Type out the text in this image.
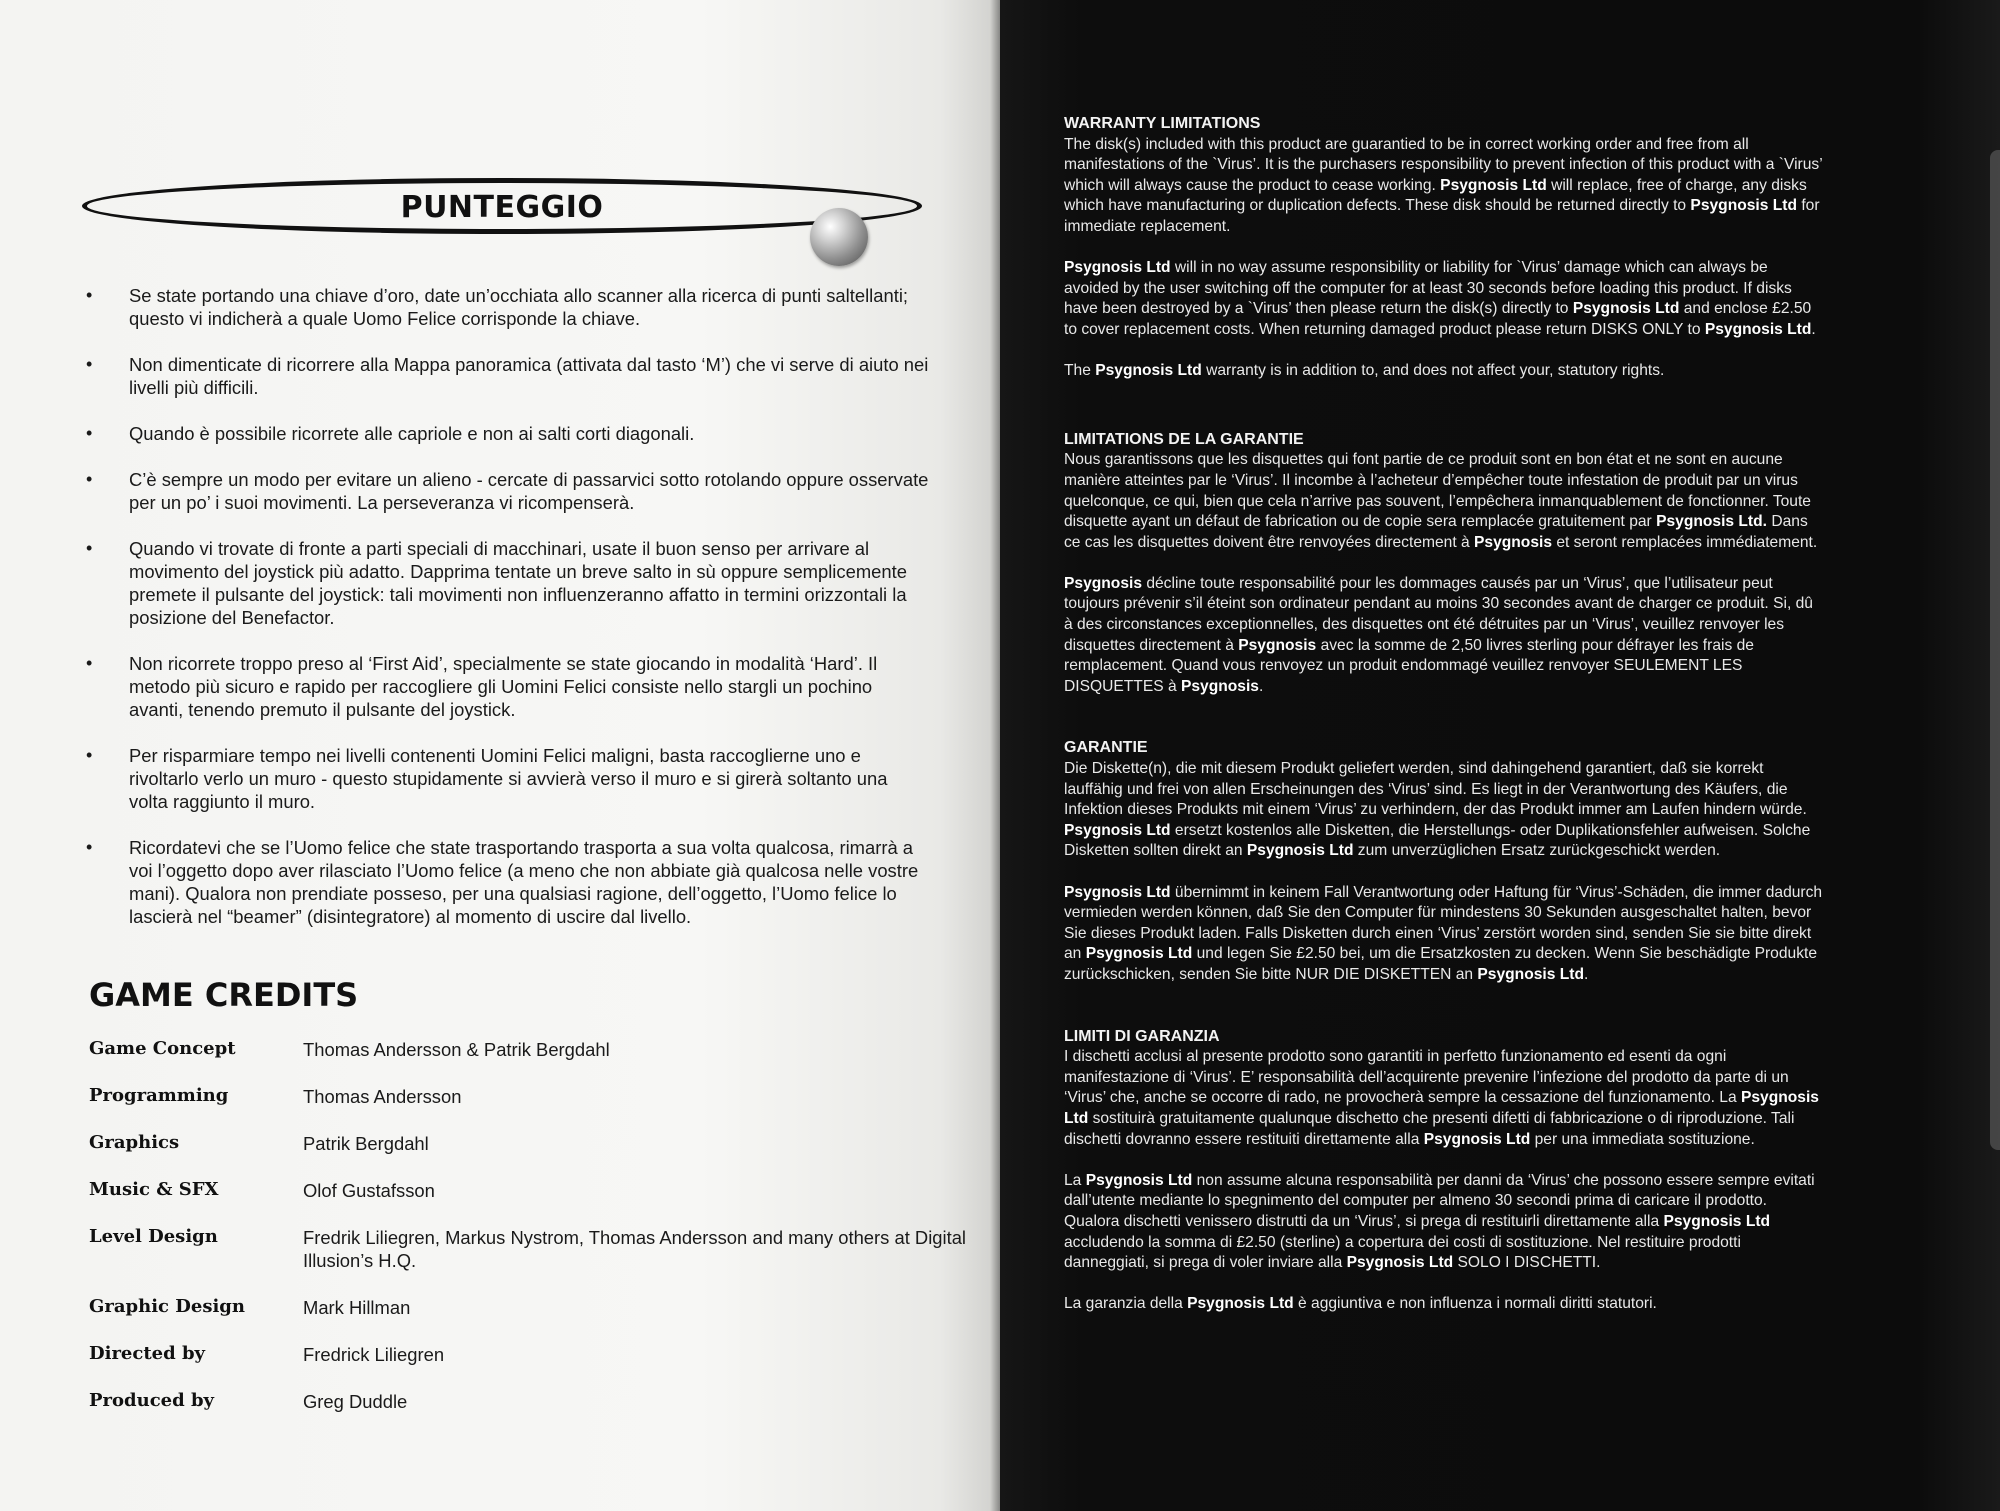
PUNTEGGIO
• Se state portando una chiave d’oro, date un’occhiata allo scanner alla ricerca di punti saltellanti; questo vi indicherà a quale Uomo Felice corrisponde la chiave.
• Non dimenticate di ricorrere alla Mappa panoramica (attivata dal tasto ‘M’) che vi serve di aiuto nei livelli più difficili.
• Quando è possibile ricorrete alle capriole e non ai salti corti diagonali.
• C’è sempre un modo per evitare un alieno - cercate di passarvici sotto rotolando oppure osservate per un po’ i suoi movimenti. La perseveranza vi ricompenserà.
• Quando vi trovate di fronte a parti speciali di macchinari, usate il buon senso per arrivare al movimento del joystick più adatto. Dapprima tentate un breve salto in sù oppure semplicemente premete il pulsante del joystick: tali movimenti non influenzeranno affatto in termini orizzontali la posizione del Benefactor.
• Non ricorrete troppo preso al ‘First Aid’, specialmente se state giocando in modalità ‘Hard’. Il metodo più sicuro e rapido per raccogliere gli Uomini Felici consiste nello stargli un pochino avanti, tenendo premuto il pulsante del joystick.
• Per risparmiare tempo nei livelli contenenti Uomini Felici maligni, basta raccoglierne uno e rivoltarlo verlo un muro - questo stupidamente si avvierà verso il muro e si girerà soltanto una volta raggiunto il muro.
• Ricordatevi che se l’Uomo felice che state trasportando trasporta a sua volta qualcosa, rimarrà a voi l’oggetto dopo aver rilasciato l’Uomo felice (a meno che non abbiate già qualcosa nelle vostre mani). Qualora non prendiate posseso, per una qualsiasi ragione, dell’oggetto, l’Uomo felice lo lascierà nel “beamer” (disintegratore) al momento di uscire dal livello.
GAME CREDITS
Game Concept	Thomas Andersson & Patrik Bergdahl
Programming	Thomas Andersson
Graphics	Patrik Bergdahl
Music & SFX	Olof Gustafsson
Level Design	Fredrik Liliegren, Markus Nystrom, Thomas Andersson and many others at Digital Illusion’s H.Q.
Graphic Design	Mark Hillman
Directed by	Fredrick Liliegren
Produced by	Greg Duddle
WARRANTY LIMITATIONS

The disk(s) included with this product are guarantied to be in correct working order and free from all manifestations of the `Virus’. It is the purchasers responsibility to prevent infection of this product with a `Virus’ which will always cause the product to cease working. Psygnosis Ltd will replace, free of charge, any disks which have manufacturing or duplication defects. These disk should be returned directly to Psygnosis Ltd for immediate replacement.

Psygnosis Ltd will in no way assume responsibility or liability for `Virus’ damage which can always be avoided by the user switching off the computer for at least 30 seconds before loading this product. If disks have been destroyed by a `Virus’ then please return the disk(s) directly to Psygnosis Ltd and enclose £2.50 to cover replacement costs. When returning damaged product please return DISKS ONLY to Psygnosis Ltd.

The Psygnosis Ltd warranty is in addition to, and does not affect your, statutory rights.

LIMITATIONS DE LA GARANTIE

Nous garantissons que les disquettes qui font partie de ce produit sont en bon état et ne sont en aucune manière atteintes par le ‘Virus’. Il incombe à l’acheteur d’empêcher toute infestation de produit par un virus quelconque, ce qui, bien que cela n’arrive pas souvent, l’empêchera inmanquablement de fonctionner. Toute disquette ayant un défaut de fabrication ou de copie sera remplacée gratuitement par Psygnosis Ltd. Dans ce cas les disquettes doivent être renvoyées directement à Psygnosis et seront remplacées immédiatement.

Psygnosis décline toute responsabilité pour les dommages causés par un ‘Virus’, que l’utilisateur peut toujours prévenir s’il éteint son ordinateur pendant au moins 30 secondes avant de charger ce produit. Si, dû à des circonstances exceptionnelles, des disquettes ont été détruites par un ‘Virus’, veuillez renvoyer les disquettes directement à Psygnosis avec la somme de 2,50 livres sterling pour défrayer les frais de remplacement. Quand vous renvoyez un produit endommagé veuillez renvoyer SEULEMENT LES DISQUETTES à Psygnosis.

GARANTIE

Die Diskette(n), die mit diesem Produkt geliefert werden, sind dahingehend garantiert, daß sie korrekt lauffähig und frei von allen Erscheinungen des ‘Virus’ sind. Es liegt in der Verantwortung des Käufers, die Infektion dieses Produkts mit einem ‘Virus’ zu verhindern, der das Produkt immer am Laufen hindern würde. Psygnosis Ltd ersetzt kostenlos alle Disketten, die Herstellungs- oder Duplikationsfehler aufweisen. Solche Disketten sollten direkt an Psygnosis Ltd zum unverzüglichen Ersatz zurückgeschickt werden.

Psygnosis Ltd übernimmt in keinem Fall Verantwortung oder Haftung für ‘Virus’-Schäden, die immer dadurch vermieden werden können, daß Sie den Computer für mindestens 30 Sekunden ausgeschaltet halten, bevor Sie dieses Produkt laden. Falls Disketten durch einen ‘Virus’ zerstört worden sind, senden Sie sie bitte direkt an Psygnosis Ltd und legen Sie £2.50 bei, um die Ersatzkosten zu decken. Wenn Sie beschädigte Produkte zurückschicken, senden Sie bitte NUR DIE DISKETTEN an Psygnosis Ltd.

LIMITI DI GARANZIA

I dischetti acclusi al presente prodotto sono garantiti in perfetto funzionamento ed esenti da ogni manifestazione di ‘Virus’. E’ responsabilità dell’acquirente prevenire l’infezione del prodotto da parte di un ‘Virus’ che, anche se occorre di rado, ne provocherà sempre la cessazione del funzionamento. La Psygnosis Ltd sostituirà gratuitamente qualunque dischetto che presenti difetti di fabbricazione o di riproduzione. Tali dischetti dovranno essere restituiti direttamente alla Psygnosis Ltd per una immediata sostituzione.

La Psygnosis Ltd non assume alcuna responsabilità per danni da ‘Virus’ che possono essere sempre evitati dall’utente mediante lo spegnimento del computer per almeno 30 secondi prima di caricare il prodotto. Qualora dischetti venissero distrutti da un ‘Virus’, si prega di restituirli direttamente alla Psygnosis Ltd accludendo la somma di £2.50 (sterline) a copertura dei costi di sostituzione. Nel restituire prodotti danneggiati, si prega di voler inviare alla Psygnosis Ltd SOLO I DISCHETTI.

La garanzia della Psygnosis Ltd è aggiuntiva e non influenza i normali diritti statutori.
